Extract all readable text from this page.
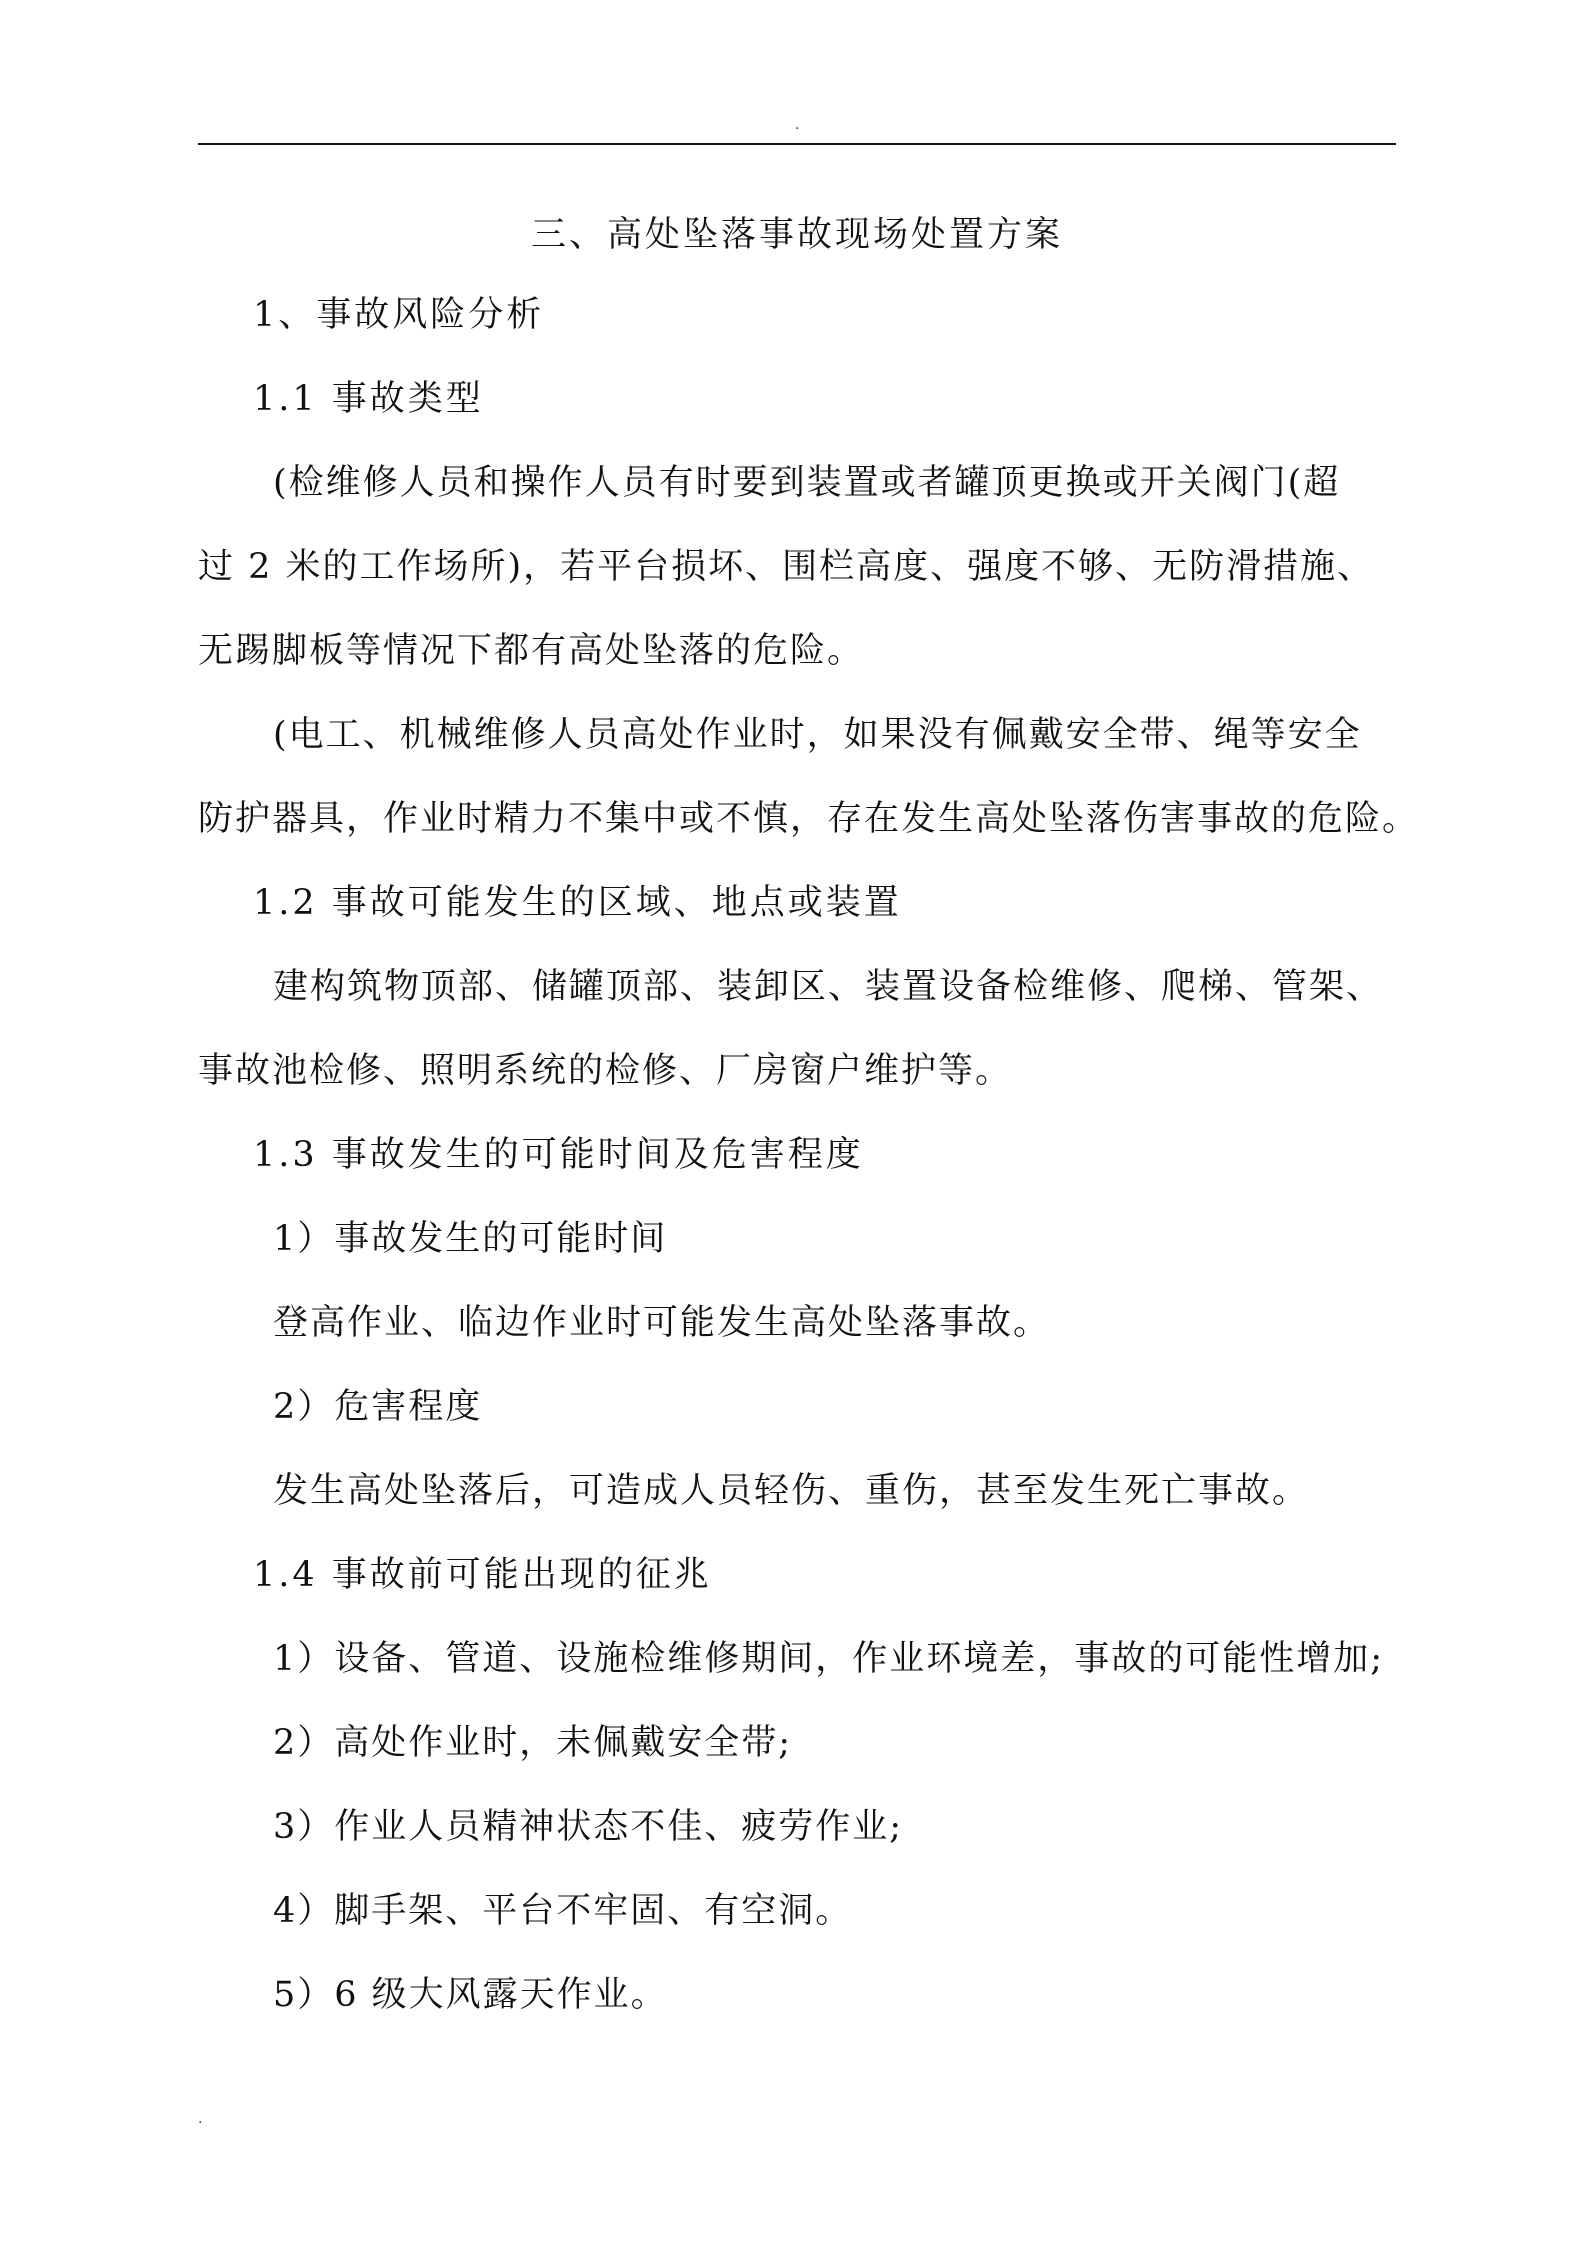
.
三、高处坠落事故现场处置方案
1、事故风险分析
1.1 事故类型
(检维修人员和操作人员有时要到装置或者罐顶更换或开关阀门(超
过 2 米的工作场所)，若平台损坏、围栏高度、强度不够、无防滑措施、
无踢脚板等情况下都有高处坠落的危险。
(电工、机械维修人员高处作业时，如果没有佩戴安全带、绳等安全
防护器具，作业时精力不集中或不慎，存在发生高处坠落伤害事故的危险。
1.2 事故可能发生的区域、地点或装置
建构筑物顶部、储罐顶部、装卸区、装置设备检维修、爬梯、管架、
事故池检修、照明系统的检修、厂房窗户维护等。
1.3 事故发生的可能时间及危害程度
1）事故发生的可能时间
登高作业、临边作业时可能发生高处坠落事故。
2）危害程度
发生高处坠落后，可造成人员轻伤、重伤，甚至发生死亡事故。
1.4 事故前可能出现的征兆
1）设备、管道、设施检维修期间，作业环境差，事故的可能性增加;
2）高处作业时，未佩戴安全带;
3）作业人员精神状态不佳、疲劳作业;
4）脚手架、平台不牢固、有空洞。
5）6 级大风露天作业。
.
